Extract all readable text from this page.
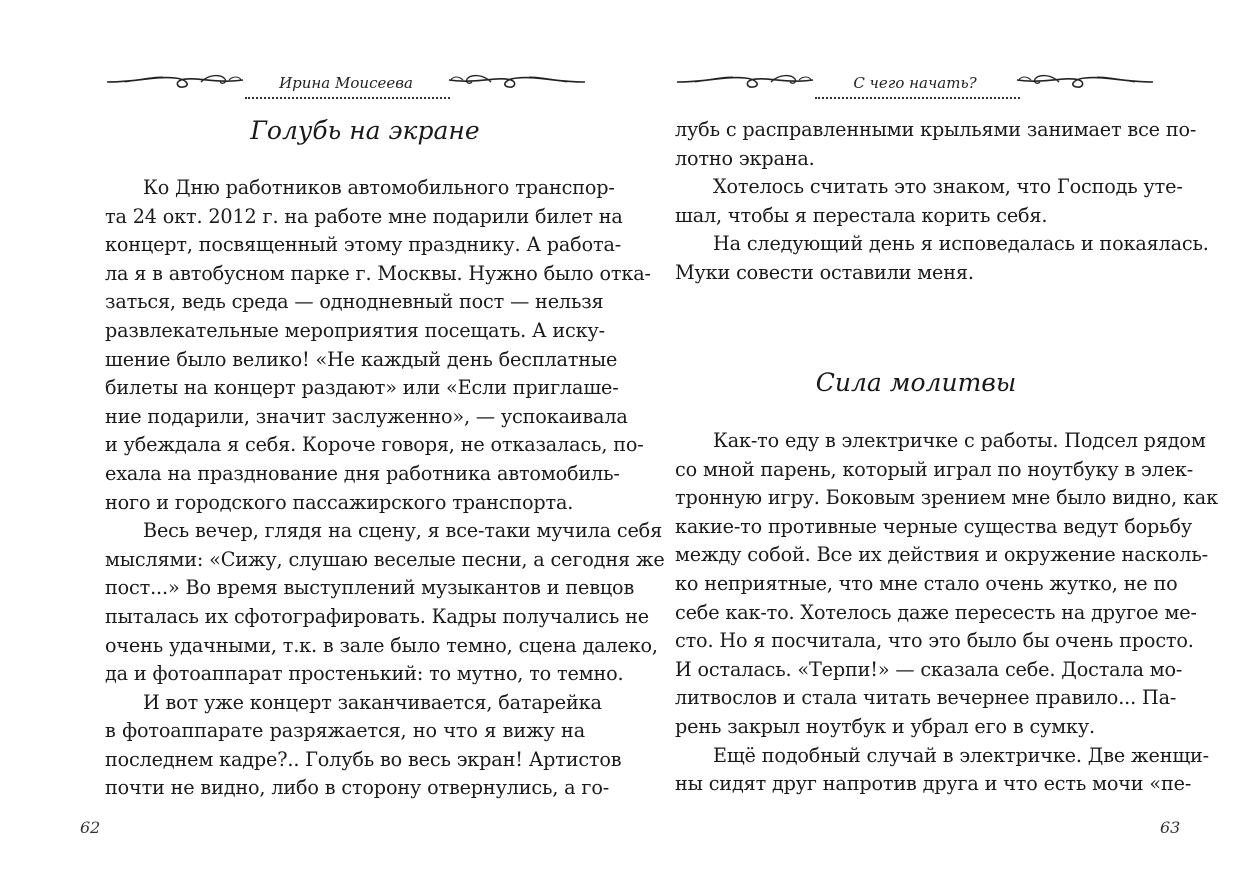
Ирина Моисеева
Голубь на экране
Ко Дню работников автомобильного транспор-
та 24 окт. 2012 г. на работе мне подарили билет на
концерт, посвященный этому празднику. А работа-
ла я в автобусном парке г. Москвы. Нужно было отка-
заться, ведь среда — однодневный пост — нельзя
развлекательные мероприятия посещать. А иску-
шение было велико! «Не каждый день бесплатные
билеты на концерт раздают» или «Если приглаше-
ние подарили, значит заслуженно», — успокаивала
и убеждала я себя. Короче говоря, не отказалась, по-
ехала на празднование дня работника автомобиль-
ного и городского пассажирского транспорта.
Весь вечер, глядя на сцену, я все-таки мучила себя
мыслями: «Сижу, слушаю веселые песни, а сегодня же
пост...» Во время выступлений музыкантов и певцов
пыталась их сфотографировать. Кадры получались не
очень удачными, т.к. в зале было темно, сцена далеко,
да и фотоаппарат простенький: то мутно, то темно.
И вот уже концерт заканчивается, батарейка
в фотоаппарате разряжается, но что я вижу на
последнем кадре?.. Голубь во весь экран! Артистов
почти не видно, либо в сторону отвернулись, а го-
62
С чего начать?
лубь с расправленными крыльями занимает все по-
лотно экрана.
Хотелось считать это знаком, что Господь уте-
шал, чтобы я перестала корить себя.
На следующий день я исповедалась и покаялась.
Муки совести оставили меня.
Сила молитвы
Как-то еду в электричке с работы. Подсел рядом
со мной парень, который играл по ноутбуку в элек-
тронную игру. Боковым зрением мне было видно, как
какие-то противные черные существа ведут борьбу
между собой. Все их действия и окружение насколь-
ко неприятные, что мне стало очень жутко, не по
себе как-то. Хотелось даже пересесть на другое ме-
сто. Но я посчитала, что это было бы очень просто.
И осталась. «Терпи!» — сказала себе. Достала мо-
литвослов и стала читать вечернее правило... Па-
рень закрыл ноутбук и убрал его в сумку.
Ещё подобный случай в электричке. Две женщи-
ны сидят друг напротив друга и что есть мочи «пе-
63
